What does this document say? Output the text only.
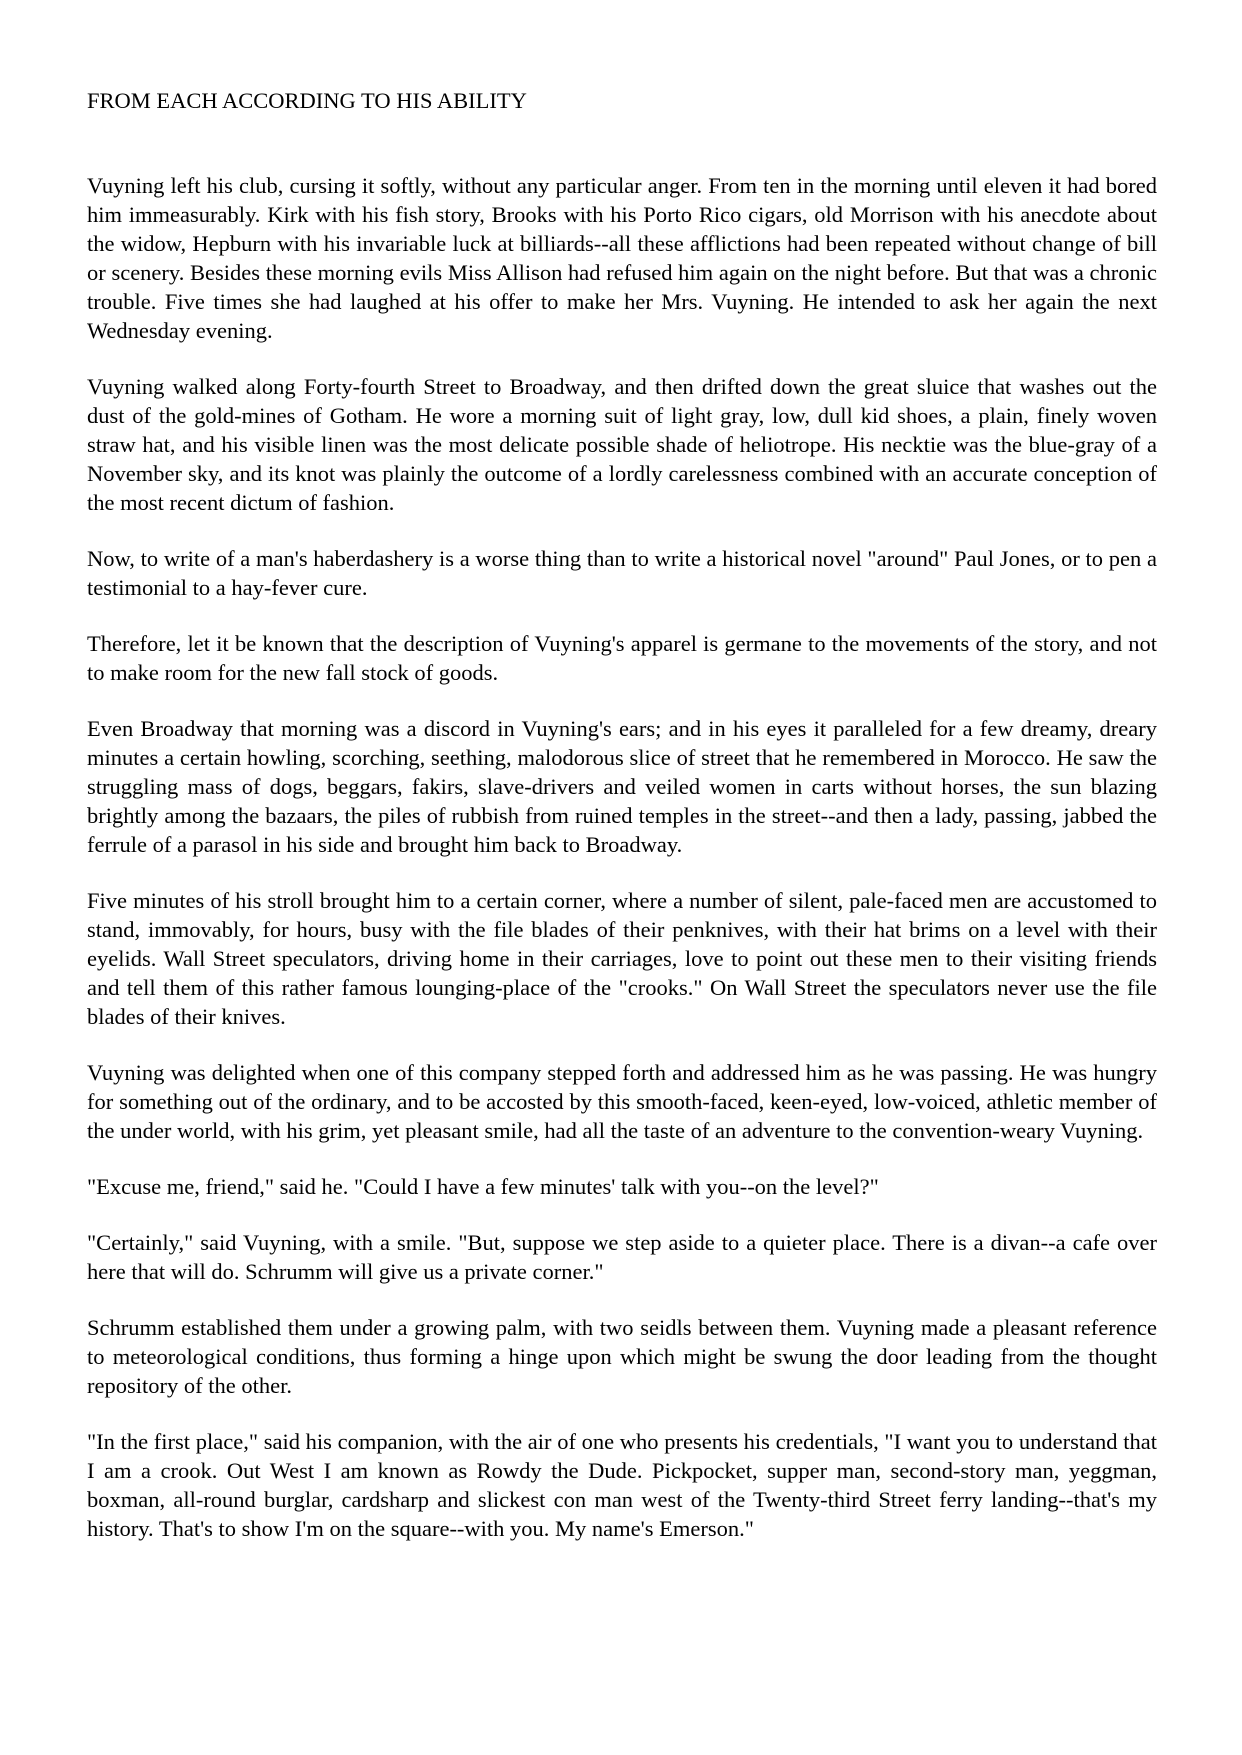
FROM EACH ACCORDING TO HIS ABILITY

Vuyning left his club, cursing it softly, without any particular anger. From ten in the morning until eleven it had bored him immeasurably. Kirk with his fish story, Brooks with his Porto Rico cigars, old Morrison with his anecdote about the widow, Hepburn with his invariable luck at billiards--all these afflictions had been repeated without change of bill or scenery. Besides these morning evils Miss Allison had refused him again on the night before. But that was a chronic trouble. Five times she had laughed at his offer to make her Mrs. Vuyning. He intended to ask her again the next Wednesday evening.

Vuyning walked along Forty-fourth Street to Broadway, and then drifted down the great sluice that washes out the dust of the gold-mines of Gotham. He wore a morning suit of light gray, low, dull kid shoes, a plain, finely woven straw hat, and his visible linen was the most delicate possible shade of heliotrope. His necktie was the blue-gray of a November sky, and its knot was plainly the outcome of a lordly carelessness combined with an accurate conception of the most recent dictum of fashion.

Now, to write of a man's haberdashery is a worse thing than to write a historical novel "around" Paul Jones, or to pen a testimonial to a hay-fever cure.

Therefore, let it be known that the description of Vuyning's apparel is germane to the movements of the story, and not to make room for the new fall stock of goods.

Even Broadway that morning was a discord in Vuyning's ears; and in his eyes it paralleled for a few dreamy, dreary minutes a certain howling, scorching, seething, malodorous slice of street that he remembered in Morocco. He saw the struggling mass of dogs, beggars, fakirs, slave-drivers and veiled women in carts without horses, the sun blazing brightly among the bazaars, the piles of rubbish from ruined temples in the street--and then a lady, passing, jabbed the ferrule of a parasol in his side and brought him back to Broadway.

Five minutes of his stroll brought him to a certain corner, where a number of silent, pale-faced men are accustomed to stand, immovably, for hours, busy with the file blades of their penknives, with their hat brims on a level with their eyelids. Wall Street speculators, driving home in their carriages, love to point out these men to their visiting friends and tell them of this rather famous lounging-place of the "crooks." On Wall Street the speculators never use the file blades of their knives.

Vuyning was delighted when one of this company stepped forth and addressed him as he was passing. He was hungry for something out of the ordinary, and to be accosted by this smooth-faced, keen-eyed, low-voiced, athletic member of the under world, with his grim, yet pleasant smile, had all the taste of an adventure to the convention-weary Vuyning.

"Excuse me, friend," said he. "Could I have a few minutes' talk with you--on the level?"

"Certainly," said Vuyning, with a smile. "But, suppose we step aside to a quieter place. There is a divan--a cafe over here that will do. Schrumm will give us a private corner."

Schrumm established them under a growing palm, with two seidls between them. Vuyning made a pleasant reference to meteorological conditions, thus forming a hinge upon which might be swung the door leading from the thought repository of the other.

"In the first place," said his companion, with the air of one who presents his credentials, "I want you to understand that I am a crook. Out West I am known as Rowdy the Dude. Pickpocket, supper man, second-story man, yeggman, boxman, all-round burglar, cardsharp and slickest con man west of the Twenty-third Street ferry landing--that's my history. That's to show I'm on the square--with you. My name's Emerson."
